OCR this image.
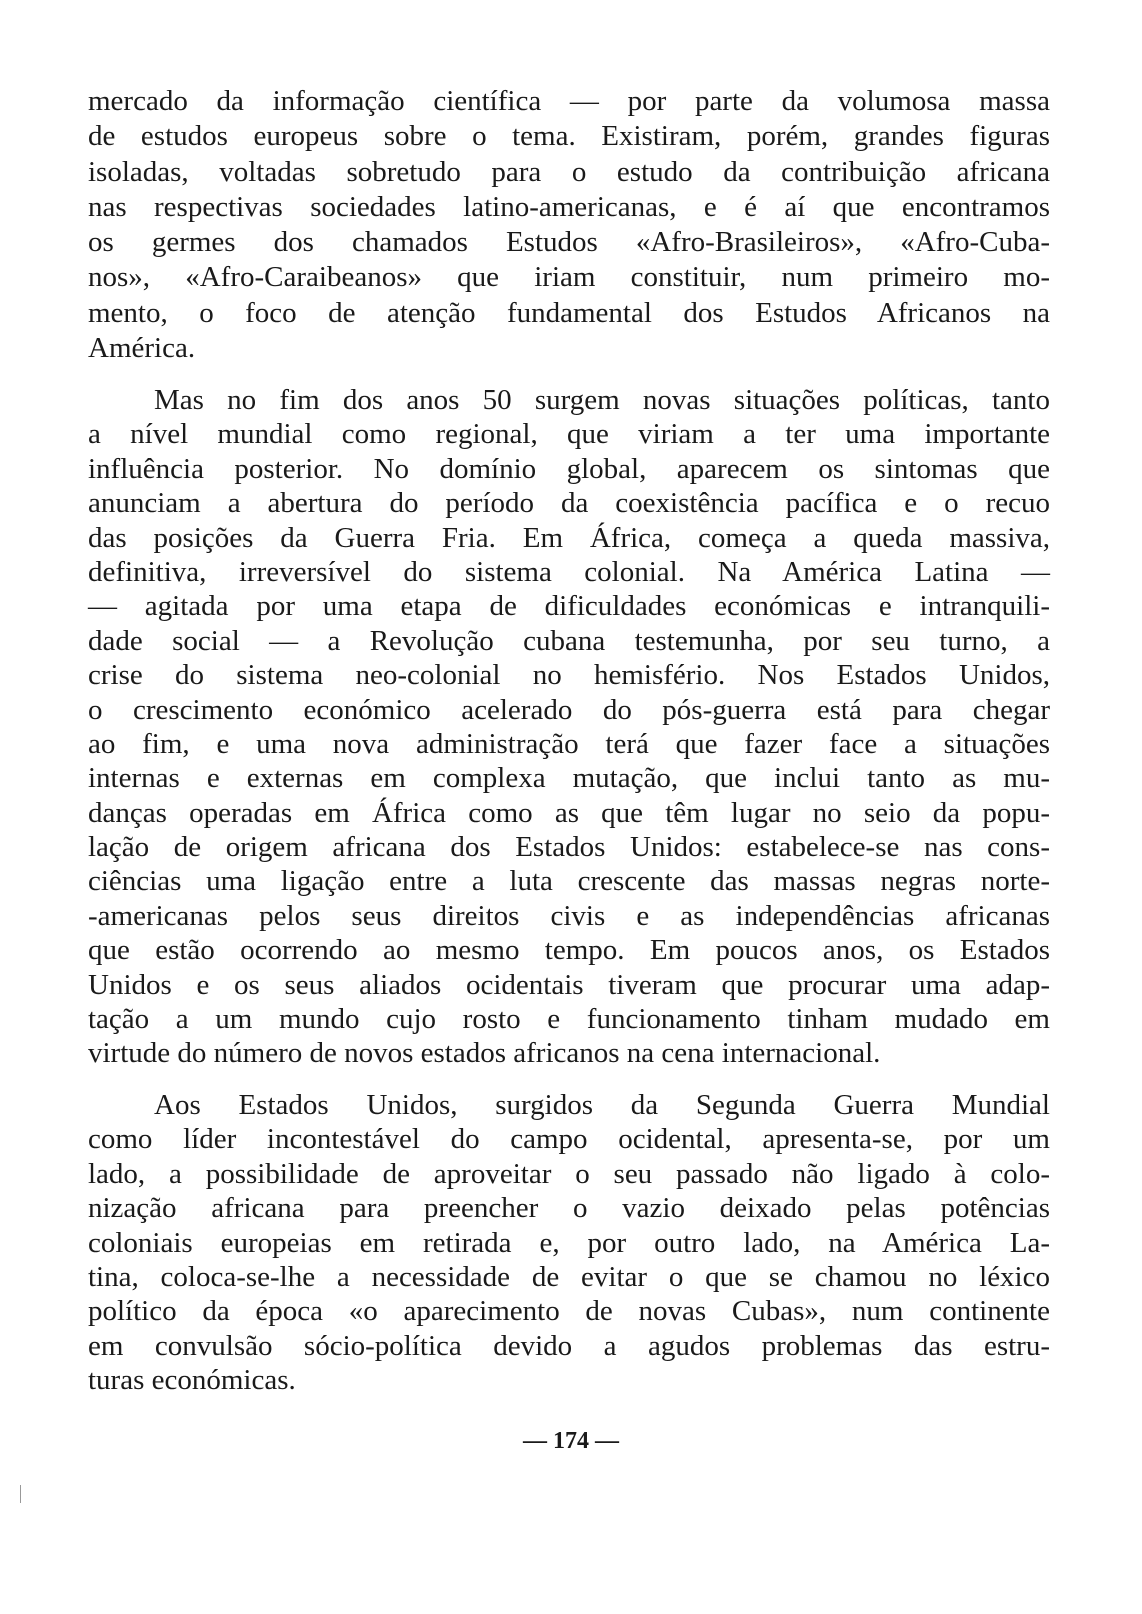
mercado da informação científica — por parte da volumosa massa
de estudos europeus sobre o tema. Existiram, porém, grandes figuras
isoladas, voltadas sobretudo para o estudo da contribuição africana
nas respectivas sociedades latino-americanas, e é aí que encontramos
os germes dos chamados Estudos «Afro-Brasileiros», «Afro-Cuba-
nos», «Afro-Caraibeanos» que iriam constituir, num primeiro mo-
mento, o foco de atenção fundamental dos Estudos Africanos na
América.
Mas no fim dos anos 50 surgem novas situações políticas, tanto
a nível mundial como regional, que viriam a ter uma importante
influência posterior. No domínio global, aparecem os sintomas que
anunciam a abertura do período da coexistência pacífica e o recuo
das posições da Guerra Fria. Em África, começa a queda massiva,
definitiva, irreversível do sistema colonial. Na América Latina —
— agitada por uma etapa de dificuldades económicas e intranquili-
dade social — a Revolução cubana testemunha, por seu turno, a
crise do sistema neo-colonial no hemisfério. Nos Estados Unidos,
o crescimento económico acelerado do pós-guerra está para chegar
ao fim, e uma nova administração terá que fazer face a situações
internas e externas em complexa mutação, que inclui tanto as mu-
danças operadas em África como as que têm lugar no seio da popu-
lação de origem africana dos Estados Unidos: estabelece-se nas cons-
ciências uma ligação entre a luta crescente das massas negras norte-
-americanas pelos seus direitos civis e as independências africanas
que estão ocorrendo ao mesmo tempo. Em poucos anos, os Estados
Unidos e os seus aliados ocidentais tiveram que procurar uma adap-
tação a um mundo cujo rosto e funcionamento tinham mudado em
virtude do número de novos estados africanos na cena internacional.
Aos Estados Unidos, surgidos da Segunda Guerra Mundial
como líder incontestável do campo ocidental, apresenta-se, por um
lado, a possibilidade de aproveitar o seu passado não ligado à colo-
nização africana para preencher o vazio deixado pelas potências
coloniais europeias em retirada e, por outro lado, na América La-
tina, coloca-se-lhe a necessidade de evitar o que se chamou no léxico
político da época «o aparecimento de novas Cubas», num continente
em convulsão sócio-política devido a agudos problemas das estru-
turas económicas.
— 174 —
